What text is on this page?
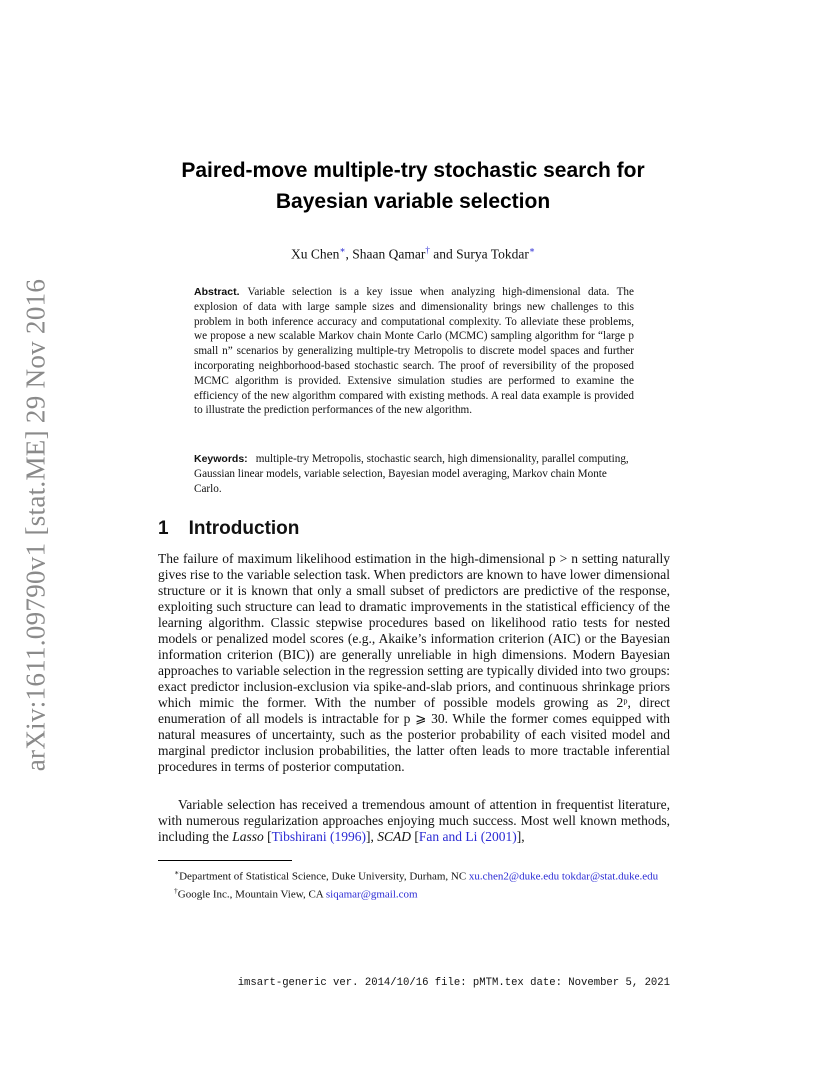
arXiv:1611.09790v1 [stat.ME] 29 Nov 2016
Paired-move multiple-try stochastic search for
Bayesian variable selection
Xu Chen∗, Shaan Qamar† and Surya Tokdar∗
Abstract. Variable selection is a key issue when analyzing high-dimensional data. The explosion of data with large sample sizes and dimensionality brings new challenges to this problem in both inference accuracy and computational complexity. To alleviate these problems, we propose a new scalable Markov chain Monte Carlo (MCMC) sampling algorithm for “large p small n” scenarios by generalizing multiple-try Metropolis to discrete model spaces and further incorporating neighborhood-based stochastic search. The proof of reversibility of the proposed MCMC algorithm is provided. Extensive simulation studies are performed to examine the efficiency of the new algorithm compared with existing methods. A real data example is provided to illustrate the prediction performances of the new algorithm.
Keywords: multiple-try Metropolis, stochastic search, high dimensionality, parallel computing, Gaussian linear models, variable selection, Bayesian model averaging, Markov chain Monte Carlo.
1 Introduction
The failure of maximum likelihood estimation in the high-dimensional p > n setting naturally gives rise to the variable selection task. When predictors are known to have lower dimensional structure or it is known that only a small subset of predictors are predictive of the response, exploiting such structure can lead to dramatic improvements in the statistical efficiency of the learning algorithm. Classic stepwise procedures based on likelihood ratio tests for nested models or penalized model scores (e.g., Akaike’s information criterion (AIC) or the Bayesian information criterion (BIC)) are generally unreliable in high dimensions. Modern Bayesian approaches to variable selection in the regression setting are typically divided into two groups: exact predictor inclusion-exclusion via spike-and-slab priors, and continuous shrinkage priors which mimic the former. With the number of possible models growing as 2ᵖ, direct enumeration of all models is intractable for p ⩾ 30. While the former comes equipped with natural measures of uncertainty, such as the posterior probability of each visited model and marginal predictor inclusion probabilities, the latter often leads to more tractable inferential procedures in terms of posterior computation.
Variable selection has received a tremendous amount of attention in frequentist literature, with numerous regularization approaches enjoying much success. Most well known methods, including the Lasso [Tibshirani (1996)], SCAD [Fan and Li (2001)],
∗Department of Statistical Science, Duke University, Durham, NC xu.chen2@duke.edu tokdar@stat.duke.edu
†Google Inc., Mountain View, CA siqamar@gmail.com
imsart-generic ver. 2014/10/16 file: pMTM.tex date: November 5, 2021
